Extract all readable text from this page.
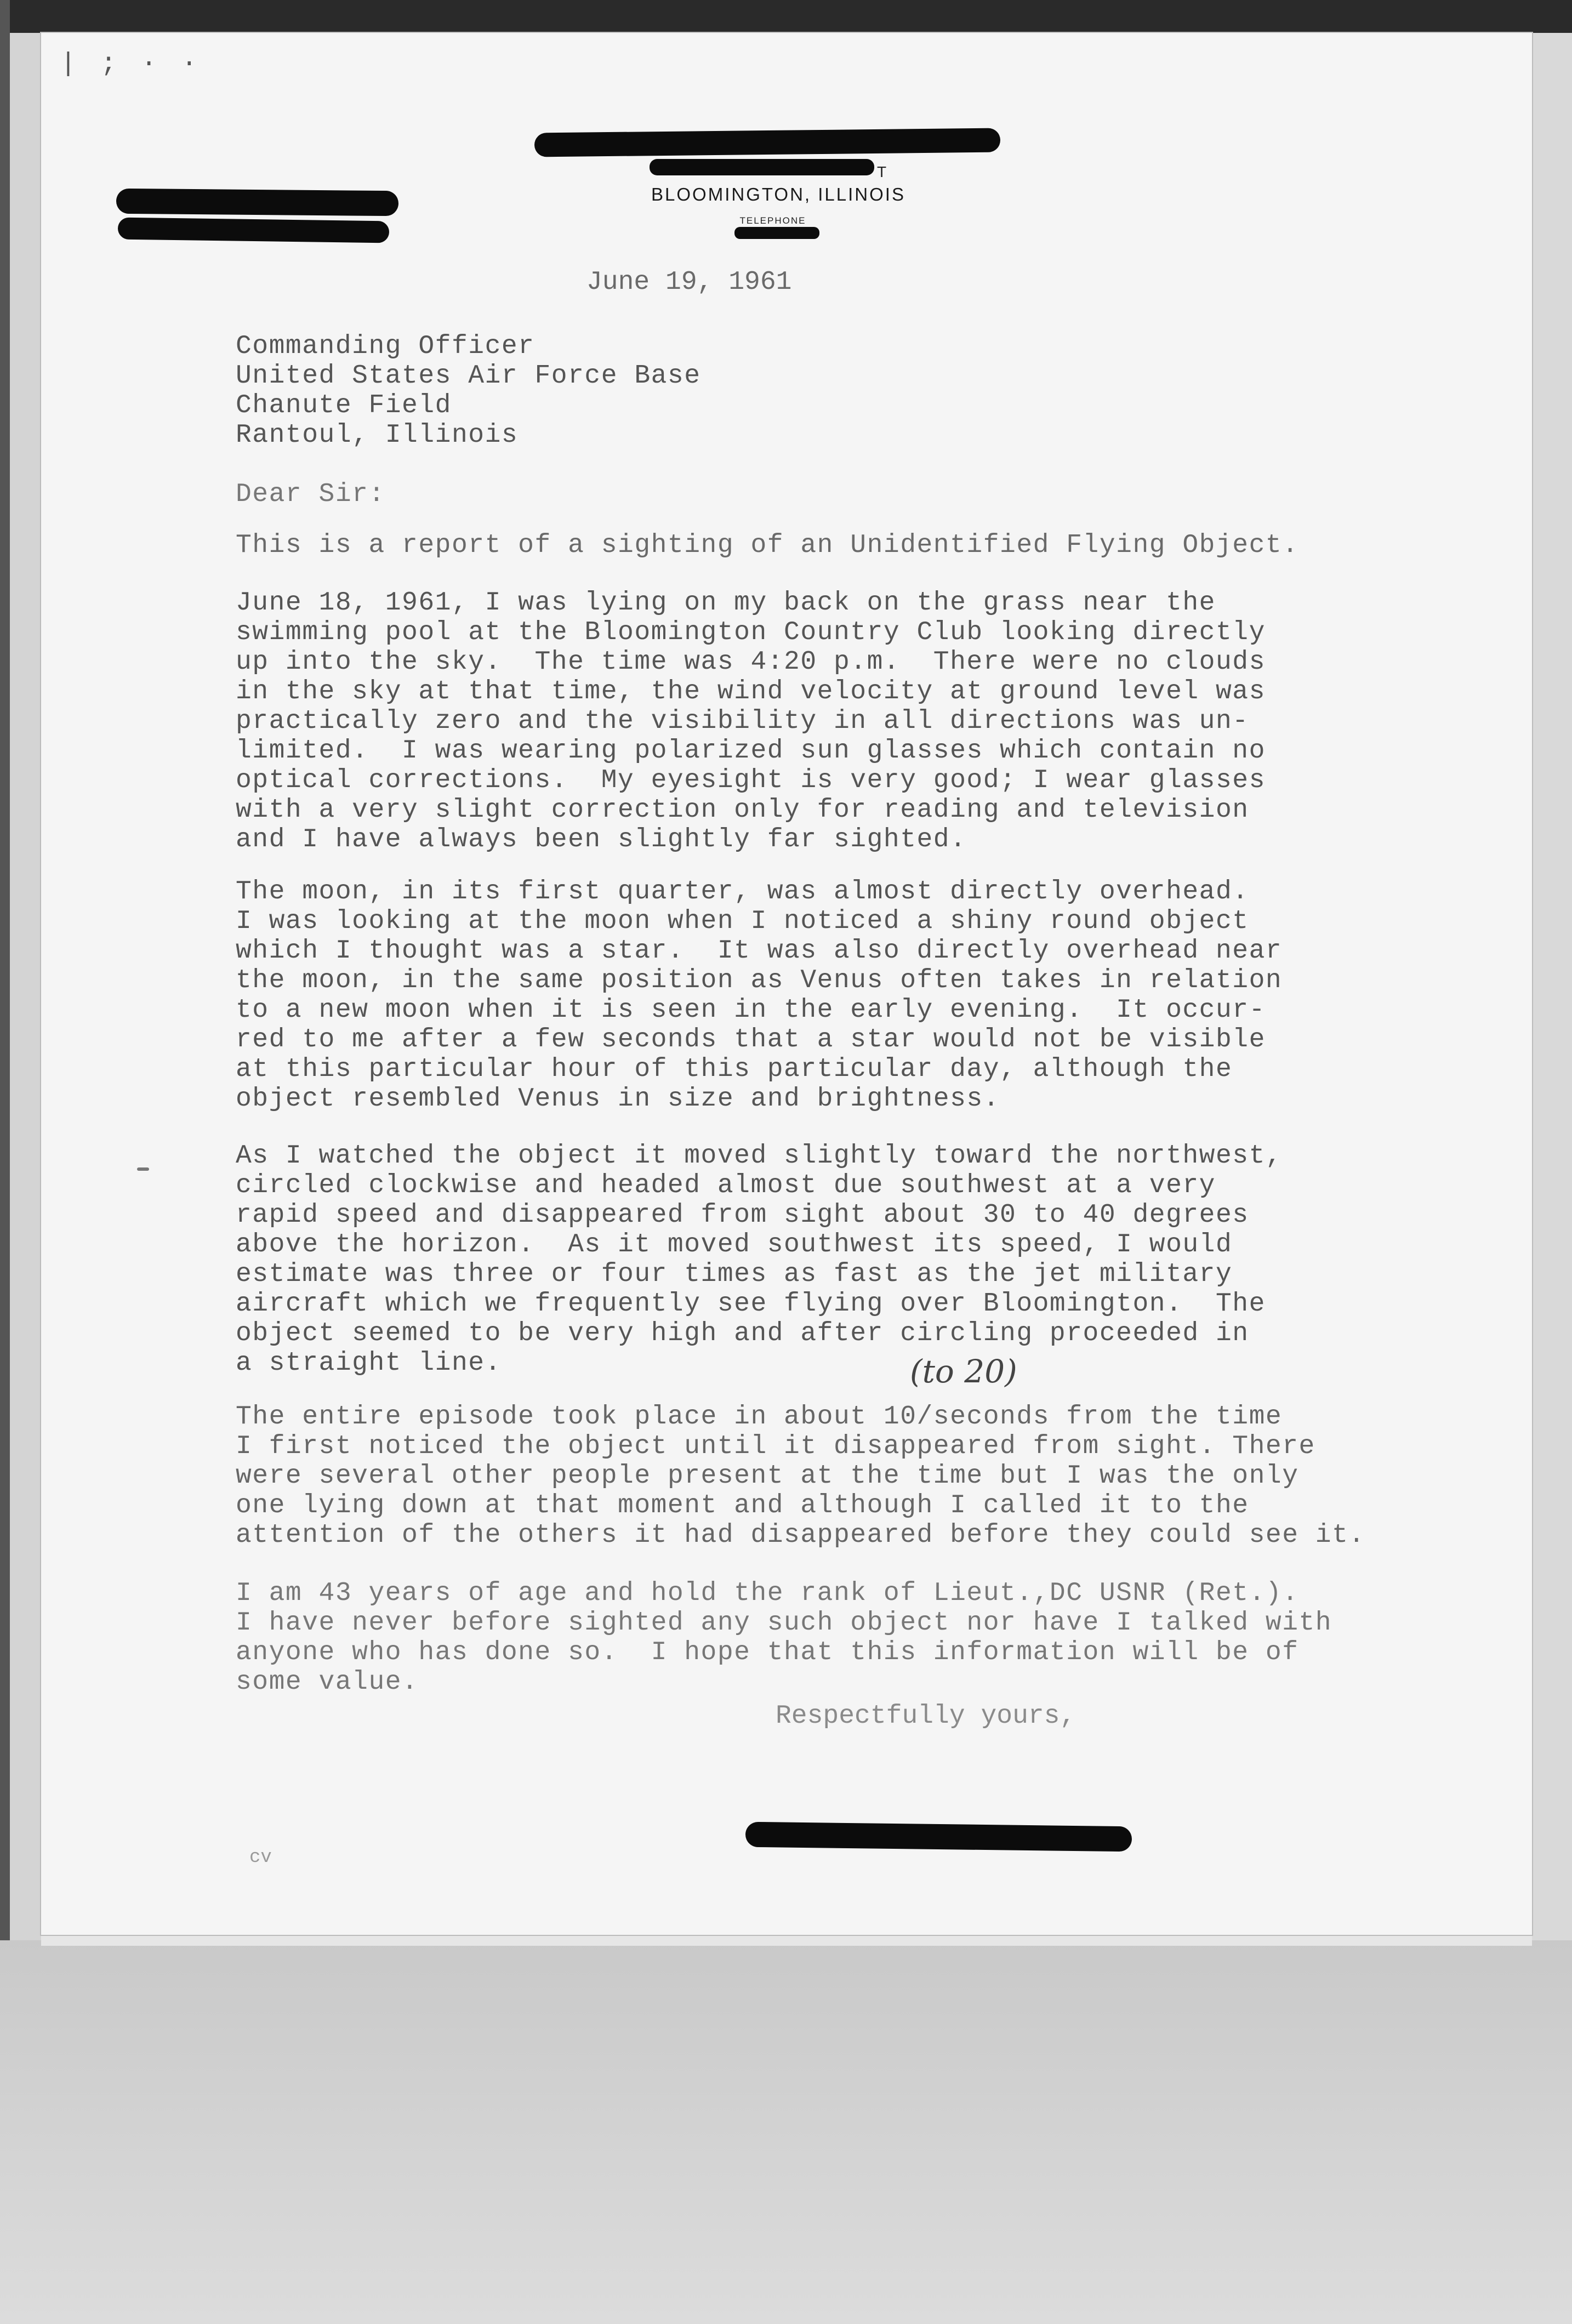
| ; · ·
T
BLOOMINGTON, ILLINOIS
TELEPHONE
June 19, 1961
Commanding Officer
United States Air Force Base
Chanute Field
Rantoul, Illinois
Dear Sir:
This is a report of a sighting of an Unidentified Flying Object.
June 18, 1961, I was lying on my back on the grass near the
swimming pool at the Bloomington Country Club looking directly
up into the sky.  The time was 4:20 p.m.  There were no clouds
in the sky at that time, the wind velocity at ground level was
practically zero and the visibility in all directions was un-
limited.  I was wearing polarized sun glasses which contain no
optical corrections.  My eyesight is very good; I wear glasses
with a very slight correction only for reading and television
and I have always been slightly far sighted.
The moon, in its first quarter, was almost directly overhead.
I was looking at the moon when I noticed a shiny round object
which I thought was a star.  It was also directly overhead near
the moon, in the same position as Venus often takes in relation
to a new moon when it is seen in the early evening.  It occur-
red to me after a few seconds that a star would not be visible
at this particular hour of this particular day, although the
object resembled Venus in size and brightness.
As I watched the object it moved slightly toward the northwest,
circled clockwise and headed almost due southwest at a very
rapid speed and disappeared from sight about 30 to 40 degrees
above the horizon.  As it moved southwest its speed, I would
estimate was three or four times as fast as the jet military
aircraft which we frequently see flying over Bloomington.  The
object seemed to be very high and after circling proceeded in
a straight line.	(to 20)
The entire episode took place in about 10/seconds from the time
I first noticed the object until it disappeared from sight. There
were several other people present at the time but I was the only
one lying down at that moment and although I called it to the
attention of the others it had disappeared before they could see it.
I am 43 years of age and hold the rank of Lieut.,DC USNR (Ret.).
I have never before sighted any such object nor have I talked with
anyone who has done so.  I hope that this information will be of
some value.
Respectfully yours,
cv
